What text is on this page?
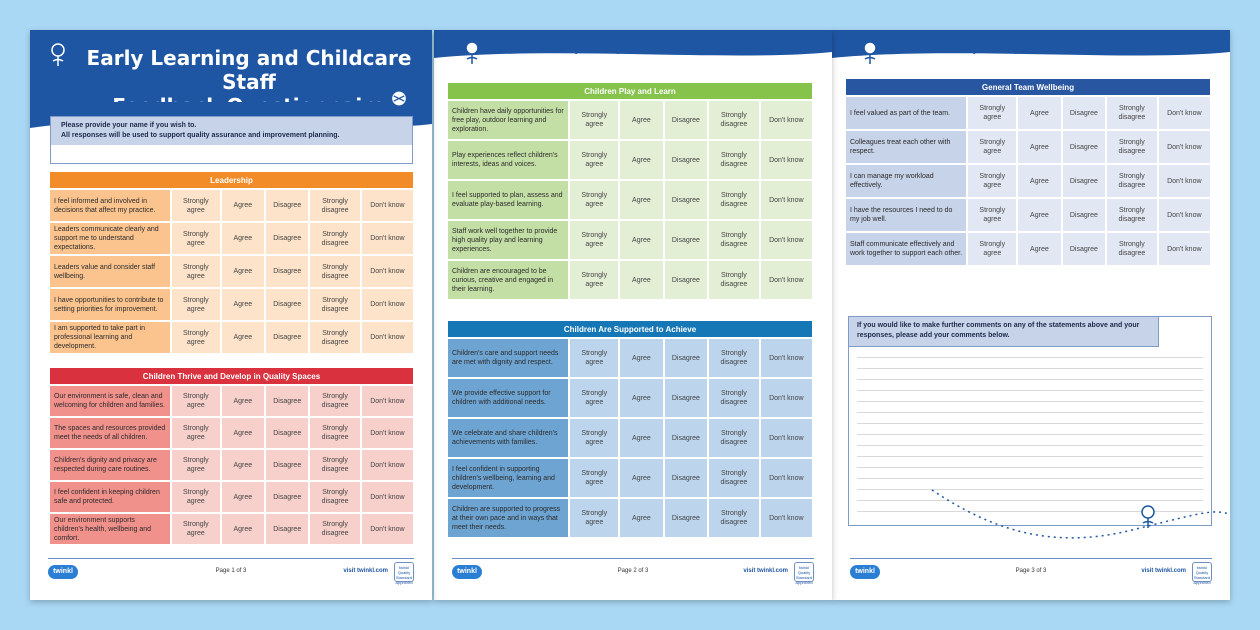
Early Learning and Childcare Staff

Please provide your name if you wish to.
All responses will be used to support quality assurance and improvement planning.
Leadership					
I feel informed and involved in decisions that affect my practice.	Strongly agree	Agree	Disagree	Strongly disagree	Don't know
Leaders communicate clearly and support me to understand expectations.	Strongly agree	Agree	Disagree	Strongly disagree	Don't know
Leaders value and consider staff wellbeing.	Strongly agree	Agree	Disagree	Strongly disagree	Don't know
I have opportunities to contribute to setting priorities for improvement.	Strongly agree	Agree	Disagree	Strongly disagree	Don't know
I am supported to take part in professional learning and development.	Strongly agree	Agree	Disagree	Strongly disagree	Don't know
Children Thrive and Develop in Quality Spaces					
Our environment is safe, clean and welcoming for children and families.	Strongly agree	Agree	Disagree	Strongly disagree	Don't know
The spaces and resources provided meet the needs of all children.	Strongly agree	Agree	Disagree	Strongly disagree	Don't know
Children's dignity and privacy are respected during care routines.	Strongly agree	Agree	Disagree	Strongly disagree	Don't know
I feel confident in keeping children safe and protected.	Strongly agree	Agree	Disagree	Strongly disagree	Don't know
Our environment supports children's health, wellbeing and comfort.	Strongly agree	Agree	Disagree	Strongly disagree	Don't know
twinkl	Page 1 of 3	visit twinkl.com
twinkl Quality Standard Approved
Early Learning and Childcare Staff Feedback Questionnaire
Children Play and Learn					
Children have daily opportunities for free play, outdoor learning and exploration.	Strongly agree	Agree	Disagree	Strongly disagree	Don't know
Play experiences reflect children's interests, ideas and voices.	Strongly agree	Agree	Disagree	Strongly disagree	Don't know
I feel supported to plan, assess and evaluate play-based learning.	Strongly agree	Agree	Disagree	Strongly disagree	Don't know
Staff work well together to provide high quality play and learning experiences.	Strongly agree	Agree	Disagree	Strongly disagree	Don't know
Children are encouraged to be curious, creative and engaged in their learning.	Strongly agree	Agree	Disagree	Strongly disagree	Don't know
Children Are Supported to Achieve					
Children's care and support needs are met with dignity and respect.	Strongly agree	Agree	Disagree	Strongly disagree	Don't know
We provide effective support for children with additional needs.	Strongly agree	Agree	Disagree	Strongly disagree	Don't know
We celebrate and share children's achievements with families.	Strongly agree	Agree	Disagree	Strongly disagree	Don't know
I feel confident in supporting children's wellbeing, learning and development.	Strongly agree	Agree	Disagree	Strongly disagree	Don't know
Children are supported to progress at their own pace and in ways that meet their needs.	Strongly agree	Agree	Disagree	Strongly disagree	Don't know
twinkl	Page 2 of 3	visit twinkl.com
twinkl Quality Standard Approved
Early Learning and Childcare Staff Feedback Questionnaire
General Team Wellbeing					
I feel valued as part of the team.	Strongly agree	Agree	Disagree	Strongly disagree	Don't know
Colleagues treat each other with respect.	Strongly agree	Agree	Disagree	Strongly disagree	Don't know
I can manage my workload effectively.	Strongly agree	Agree	Disagree	Strongly disagree	Don't know
I have the resources I need to do my job well.	Strongly agree	Agree	Disagree	Strongly disagree	Don't know
Staff communicate effectively and work together to support each other.	Strongly agree	Agree	Disagree	Strongly disagree	Don't know
If you would like to make further comments on any of the statements above and your
responses, please add your comments below.
twinkl	Page 3 of 3	visit twinkl.com
twinkl Quality Standard Approved
